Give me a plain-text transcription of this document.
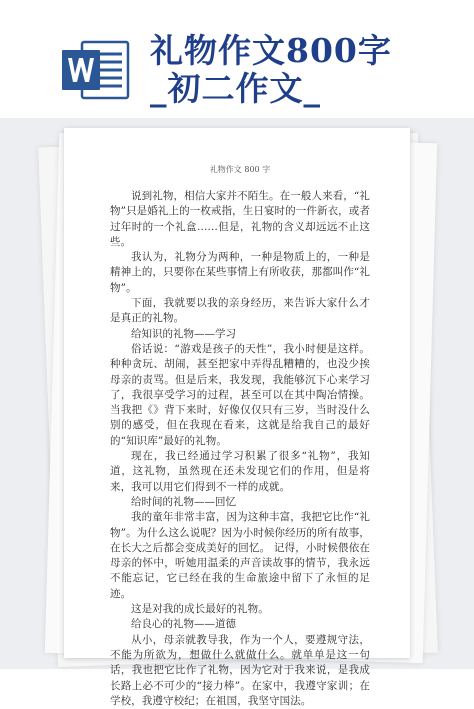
礼物作文800字
_初二作文_
礼物作文 800 字

说到礼物，相信大家并不陌生。在一般人来看，“礼物”只是婚礼上的一枚戒指，生日宴时的一件新衣，或者过年时的一个礼盒……但是，礼物的含义却远远不止这些。

我认为，礼物分为两种，一种是物质上的，一种是精神上的，只要你在某些事情上有所收获，那都叫作“礼物”。

下面，我就要以我的亲身经历，来告诉大家什么才是真正的礼物。

给知识的礼物——学习

俗话说：“游戏是孩子的天性”，我小时便是这样。种种贪玩、胡闹，甚至把家中弄得乱糟糟的，也没少挨母亲的责骂。但是后来，我发现，我能够沉下心来学习了，我很享受学习的过程，甚至可以在其中陶冶情操。当我把《》背下来时，好像仅仅只有三岁，当时没什么别的感受，但在我现在看来，这就是给我自己的最好的“知识库”最好的礼物。

现在，我已经通过学习积累了很多“礼物”，我知道，这礼物，虽然现在还未发现它们的作用，但是将来，我可以用它们得到不一样的成就。

给时间的礼物——回忆

我的童年非常丰富，因为这种丰富，我把它比作“礼物”。为什么这么说呢？因为小时候你经历的所有故事，在长大之后都会变成美好的回忆。 记得，小时候偎依在母亲的怀中，听她用温柔的声音读故事的情节，我永远不能忘记，它已经在我的生命旅途中留下了永恒的足迹。

这是对我的成长最好的礼物。

给良心的礼物——道德

从小，母亲就教导我，作为一个人，要遵规守法，不能为所欲为，想做什么就做什么。就单单是这一句话，我也把它比作了礼物，因为它对于我来说，是我成长路上必不可少的“接力棒”。在家中，我遵守家训；在学校，我遵守校纪；在祖国，我坚守国法。
